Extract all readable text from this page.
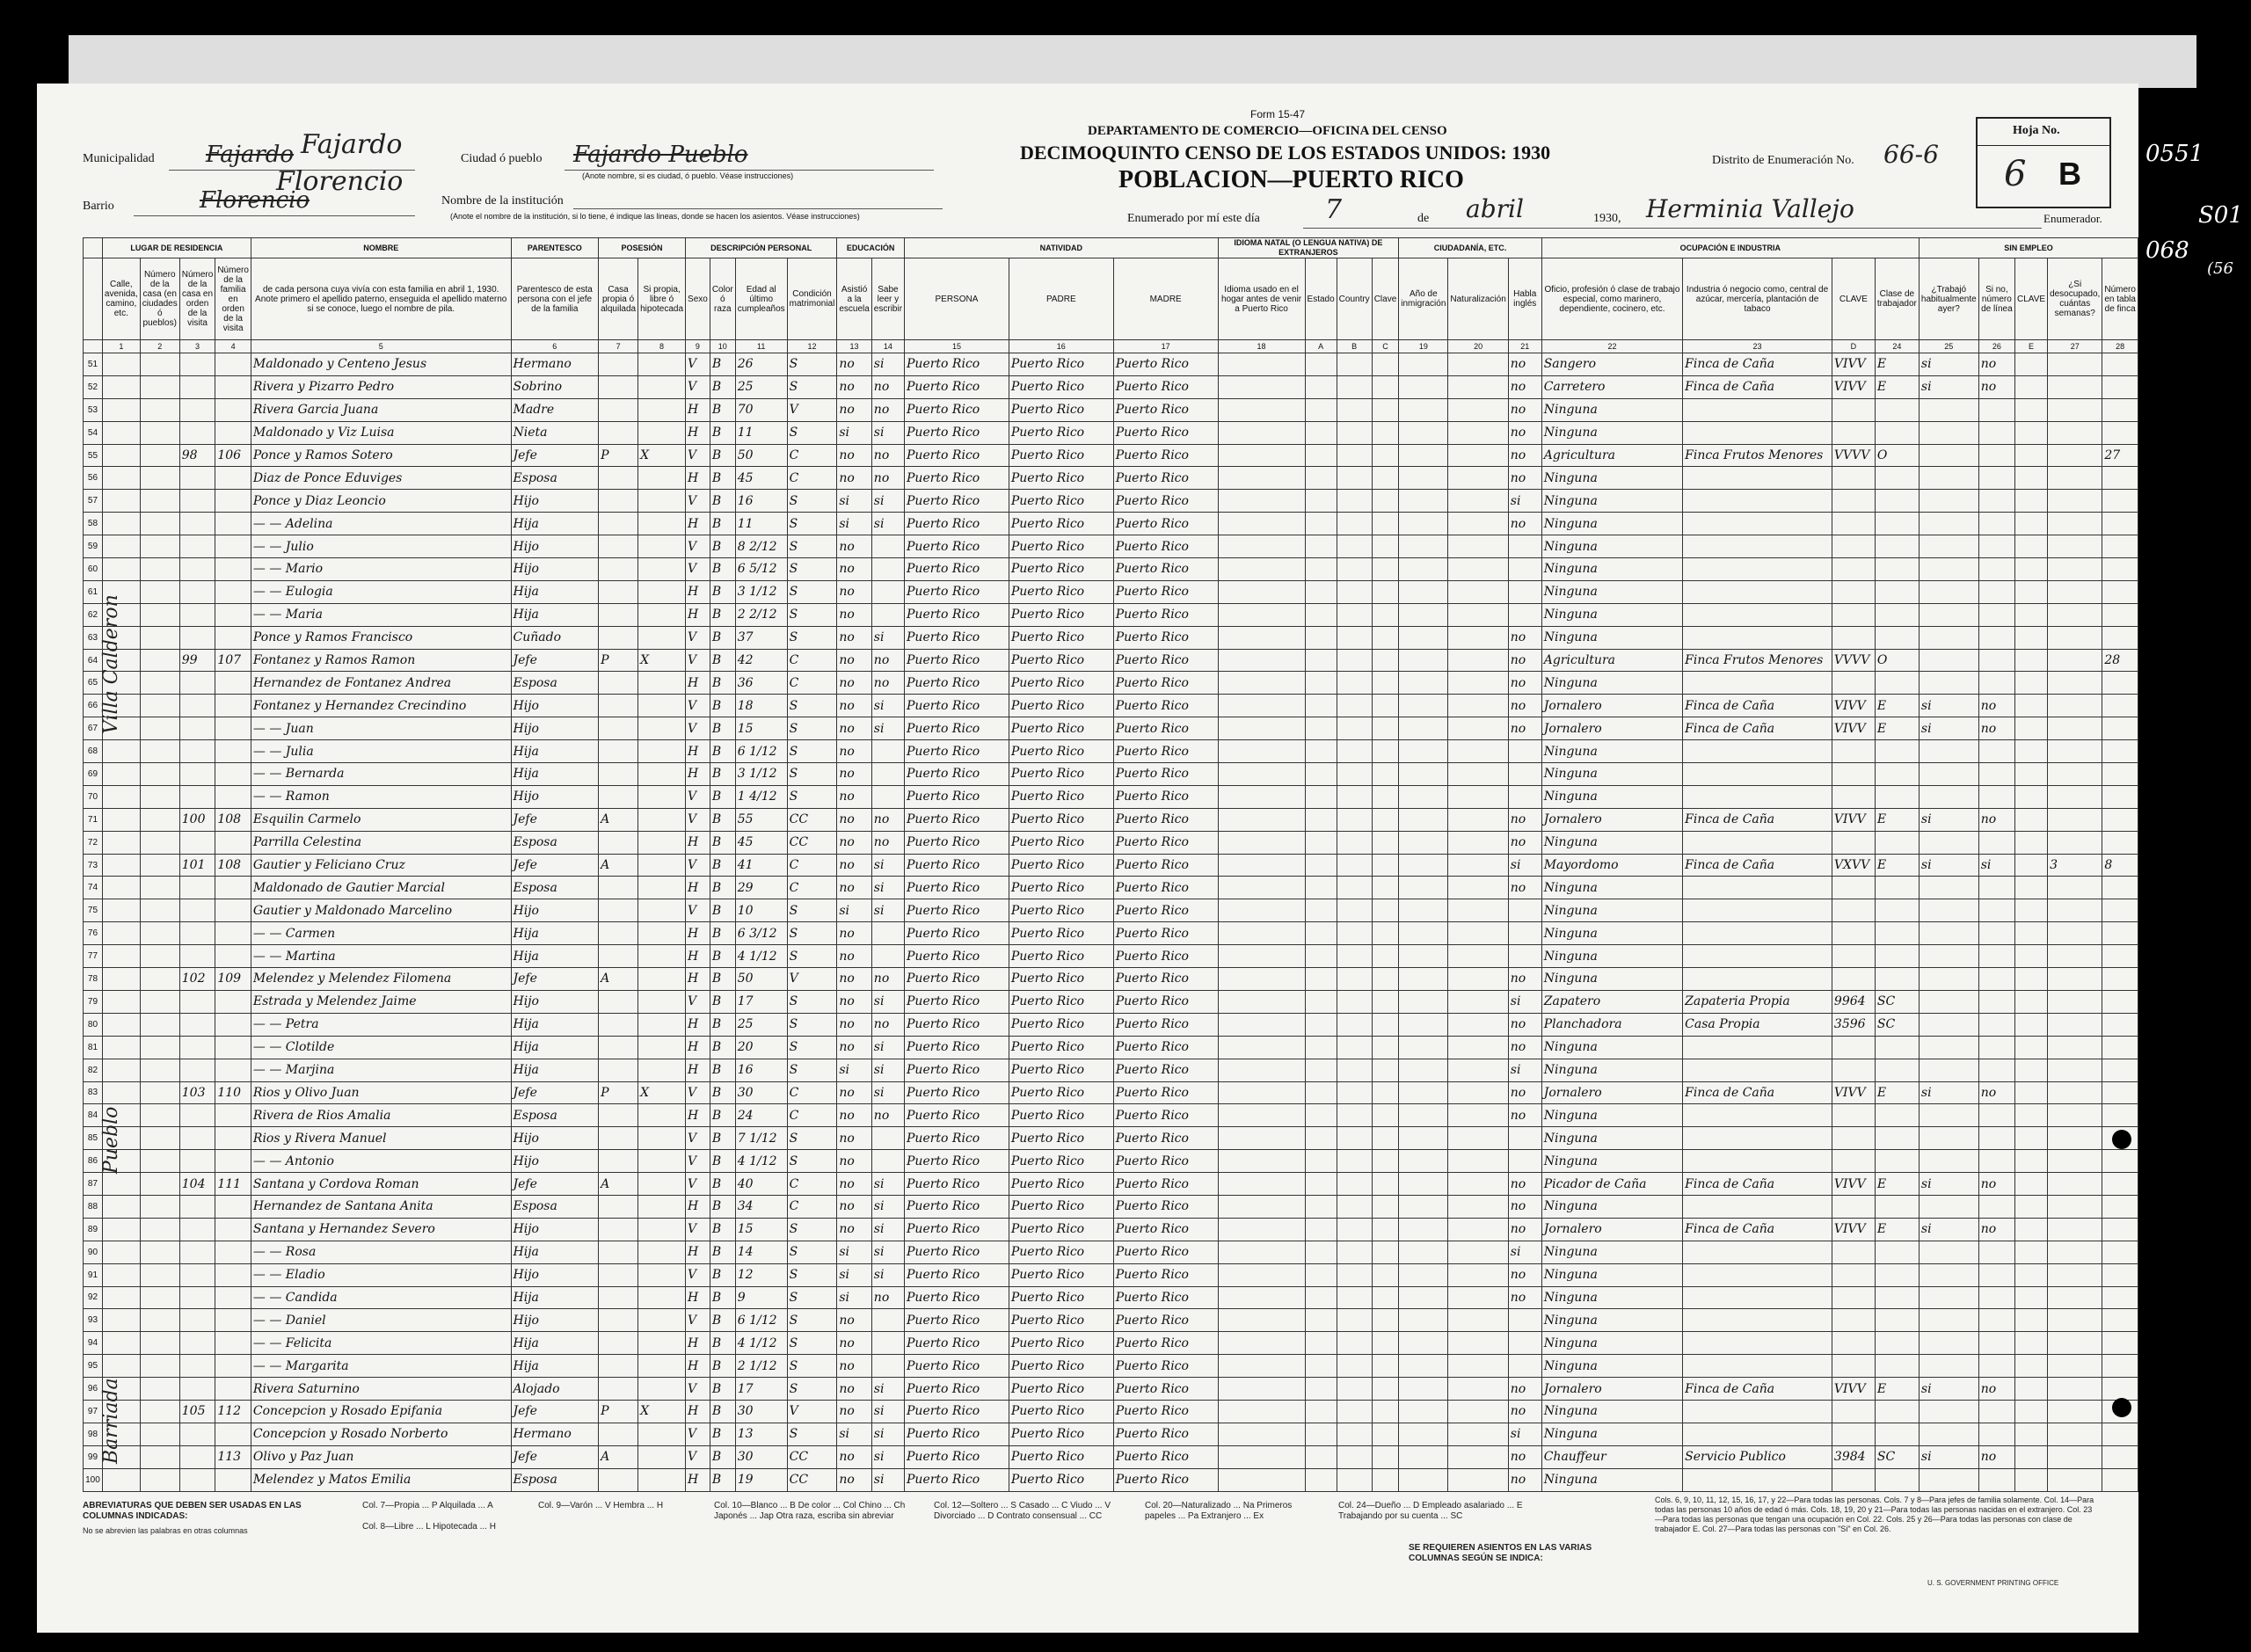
Form 15-47
DEPARTAMENTO DE COMERCIO—OFICINA DEL CENSO
DECIMOQUINTO CENSO DE LOS ESTADOS UNIDOS: 1930
POBLACION—PUERTO RICO
Municipalidad Fajardo Fajardo
Barrio	Florencio
Florencio
Ciudad ó pueblo Fajardo Pueblo
(Anote nombre, si es ciudad, ó pueblo. Véase instrucciones)
Nombre de la institución
(Anote el nombre de la institución, si lo tiene, é indique las lineas, donde se hacen los asientos. Véase instrucciones)
Distrito de Enumeración No. 66-6
Hoja No.
6 B
Enumerado por mí este día 7	de abril	1930, Herminia Vallejo	Enumerador.
	LUGAR DE RESIDENCIA				NOMBRE	PARENTESCO	POSESIÓN		DESCRIPCIÓN PERSONAL				EDUCACIÓN		NATIVIDAD			IDIOMA NATAL (O LENGUA NATIVA) DE EXTRANJEROS				CIUDADANÍA, ETC.			OCUPACIÓN E INDUSTRIA				SIN EMPLEO				
	Calle, avenida, camino, etc.	Número de la casa (en ciudades ó pueblos)	Número de la casa en orden de la visita	Número de la familia en orden de la visita	de cada persona cuya vivía con esta familia en abril 1, 1930. Anote primero el apellido paterno, enseguida el apellido materno si se conoce, luego el nombre de pila.	Parentesco de esta persona con el jefe de la familia	Casa propia ó alquilada	Si propia, libre ó hipotecada	Sexo	Color ó raza	Edad al último cumpleaños	Condición matrimonial	Asistió a la escuela	Sabe leer y escribir	PERSONA	PADRE	MADRE	Idioma usado en el hogar antes de venir a Puerto Rico	Estado	Country	Clave	Año de inmigración	Naturalización	Habla inglés	Oficio, profesión ó clase de trabajo especial, como marinero, dependiente, cocinero, etc.	Industria ó negocio como, central de azúcar, mercería, plantación de tabaco	CLAVE	Clase de trabajador	¿Trabajó habitualmente ayer?	Si no, número de línea	CLAVE	¿Si desocupado, cuántas semanas?	Número en tabla de finca
	1	2	3	4	5	6	7	8	9	10	11	12	13	14	15	16	17	18	A	B	C	19	20	21	22	23	D	24	25	26	E	27	28
51					Maldonado y Centeno Jesus	Hermano			V	B	26	S	no	si	Puerto Rico	Puerto Rico	Puerto Rico							no	Sangero	Finca de Caña	VIVV	E	si	no			
52					Rivera y Pizarro Pedro	Sobrino			V	B	25	S	no	no	Puerto Rico	Puerto Rico	Puerto Rico							no	Carretero	Finca de Caña	VIVV	E	si	no			
53					Rivera Garcia Juana	Madre			H	B	70	V	no	no	Puerto Rico	Puerto Rico	Puerto Rico							no	Ninguna								
54					Maldonado y Viz Luisa	Nieta			H	B	11	S	si	si	Puerto Rico	Puerto Rico	Puerto Rico							no	Ninguna								
55			98	106	Ponce y Ramos Sotero	Jefe	P	X	V	B	50	C	no	no	Puerto Rico	Puerto Rico	Puerto Rico							no	Agricultura	Finca Frutos Menores	VVVV	O					27
56					Diaz de Ponce Eduviges	Esposa			H	B	45	C	no	no	Puerto Rico	Puerto Rico	Puerto Rico							no	Ninguna								
57					Ponce y Diaz Leoncio	Hijo			V	B	16	S	si	si	Puerto Rico	Puerto Rico	Puerto Rico							si	Ninguna								
58					— — Adelina	Hija			H	B	11	S	si	si	Puerto Rico	Puerto Rico	Puerto Rico							no	Ninguna								
59					— — Julio	Hijo			V	B	8 2/12	S	no		Puerto Rico	Puerto Rico	Puerto Rico								Ninguna								
60					— — Mario	Hijo			V	B	6 5/12	S	no		Puerto Rico	Puerto Rico	Puerto Rico								Ninguna								
61					— — Eulogia	Hija			H	B	3 1/12	S	no		Puerto Rico	Puerto Rico	Puerto Rico								Ninguna								
62					— — Maria	Hija			H	B	2 2/12	S	no		Puerto Rico	Puerto Rico	Puerto Rico								Ninguna								
63					Ponce y Ramos Francisco	Cuñado			V	B	37	S	no	si	Puerto Rico	Puerto Rico	Puerto Rico							no	Ninguna								
64			99	107	Fontanez y Ramos Ramon	Jefe	P	X	V	B	42	C	no	no	Puerto Rico	Puerto Rico	Puerto Rico							no	Agricultura	Finca Frutos Menores	VVVV	O					28
65					Hernandez de Fontanez Andrea	Esposa			H	B	36	C	no	no	Puerto Rico	Puerto Rico	Puerto Rico							no	Ninguna								
66					Fontanez y Hernandez Crecindino	Hijo			V	B	18	S	no	si	Puerto Rico	Puerto Rico	Puerto Rico							no	Jornalero	Finca de Caña	VIVV	E	si	no			
67					— — Juan	Hijo			V	B	15	S	no	si	Puerto Rico	Puerto Rico	Puerto Rico							no	Jornalero	Finca de Caña	VIVV	E	si	no			
68					— — Julia	Hija			H	B	6 1/12	S	no		Puerto Rico	Puerto Rico	Puerto Rico								Ninguna								
69					— — Bernarda	Hija			H	B	3 1/12	S	no		Puerto Rico	Puerto Rico	Puerto Rico								Ninguna								
70					— — Ramon	Hijo			V	B	1 4/12	S	no		Puerto Rico	Puerto Rico	Puerto Rico								Ninguna								
71			100	108	Esquilin Carmelo	Jefe	A		V	B	55	CC	no	no	Puerto Rico	Puerto Rico	Puerto Rico							no	Jornalero	Finca de Caña	VIVV	E	si	no			
72					Parrilla Celestina	Esposa			H	B	45	CC	no	no	Puerto Rico	Puerto Rico	Puerto Rico							no	Ninguna								
73			101	108	Gautier y Feliciano Cruz	Jefe	A		V	B	41	C	no	si	Puerto Rico	Puerto Rico	Puerto Rico							si	Mayordomo	Finca de Caña	VXVV	E	si	si		3	8
74					Maldonado de Gautier Marcial	Esposa			H	B	29	C	no	si	Puerto Rico	Puerto Rico	Puerto Rico							no	Ninguna								
75					Gautier y Maldonado Marcelino	Hijo			V	B	10	S	si	si	Puerto Rico	Puerto Rico	Puerto Rico								Ninguna								
76					— — Carmen	Hija			H	B	6 3/12	S	no		Puerto Rico	Puerto Rico	Puerto Rico								Ninguna								
77					— — Martina	Hija			H	B	4 1/12	S	no		Puerto Rico	Puerto Rico	Puerto Rico								Ninguna								
78			102	109	Melendez y Melendez Filomena	Jefe	A		H	B	50	V	no	no	Puerto Rico	Puerto Rico	Puerto Rico							no	Ninguna								
79					Estrada y Melendez Jaime	Hijo			V	B	17	S	no	si	Puerto Rico	Puerto Rico	Puerto Rico							si	Zapatero	Zapateria Propia	9964	SC					
80					— — Petra	Hija			H	B	25	S	no	no	Puerto Rico	Puerto Rico	Puerto Rico							no	Planchadora	Casa Propia	3596	SC					
81					— — Clotilde	Hija			H	B	20	S	no	si	Puerto Rico	Puerto Rico	Puerto Rico							no	Ninguna								
82					— — Marjina	Hija			H	B	16	S	si	si	Puerto Rico	Puerto Rico	Puerto Rico							si	Ninguna								
83			103	110	Rios y Olivo Juan	Jefe	P	X	V	B	30	C	no	si	Puerto Rico	Puerto Rico	Puerto Rico							no	Jornalero	Finca de Caña	VIVV	E	si	no			
84					Rivera de Rios Amalia	Esposa			H	B	24	C	no	no	Puerto Rico	Puerto Rico	Puerto Rico							no	Ninguna								
85					Rios y Rivera Manuel	Hijo			V	B	7 1/12	S	no		Puerto Rico	Puerto Rico	Puerto Rico								Ninguna								
86					— — Antonio	Hijo			V	B	4 1/12	S	no		Puerto Rico	Puerto Rico	Puerto Rico								Ninguna								
87			104	111	Santana y Cordova Roman	Jefe	A		V	B	40	C	no	si	Puerto Rico	Puerto Rico	Puerto Rico							no	Picador de Caña	Finca de Caña	VIVV	E	si	no			
88					Hernandez de Santana Anita	Esposa			H	B	34	C	no	si	Puerto Rico	Puerto Rico	Puerto Rico							no	Ninguna								
89					Santana y Hernandez Severo	Hijo			V	B	15	S	no	si	Puerto Rico	Puerto Rico	Puerto Rico							no	Jornalero	Finca de Caña	VIVV	E	si	no			
90					— — Rosa	Hija			H	B	14	S	si	si	Puerto Rico	Puerto Rico	Puerto Rico							si	Ninguna								
91					— — Eladio	Hijo			V	B	12	S	si	si	Puerto Rico	Puerto Rico	Puerto Rico							no	Ninguna								
92					— — Candida	Hija			H	B	9	S	si	no	Puerto Rico	Puerto Rico	Puerto Rico							no	Ninguna								
93					— — Daniel	Hijo			V	B	6 1/12	S	no		Puerto Rico	Puerto Rico	Puerto Rico								Ninguna								
94					— — Felicita	Hija			H	B	4 1/12	S	no		Puerto Rico	Puerto Rico	Puerto Rico								Ninguna								
95					— — Margarita	Hija			H	B	2 1/12	S	no		Puerto Rico	Puerto Rico	Puerto Rico								Ninguna								
96					Rivera Saturnino	Alojado			V	B	17	S	no	si	Puerto Rico	Puerto Rico	Puerto Rico							no	Jornalero	Finca de Caña	VIVV	E	si	no			
97			105	112	Concepcion y Rosado Epifania	Jefe	P	X	H	B	30	V	no	si	Puerto Rico	Puerto Rico	Puerto Rico							no	Ninguna								
98					Concepcion y Rosado Norberto	Hermano			V	B	13	S	si	si	Puerto Rico	Puerto Rico	Puerto Rico							si	Ninguna								
99				113	Olivo y Paz Juan	Jefe	A		V	B	30	CC	no	si	Puerto Rico	Puerto Rico	Puerto Rico							no	Chauffeur	Servicio Publico	3984	SC	si	no			
100					Melendez y Matos Emilia	Esposa			H	B	19	CC	no	si	Puerto Rico	Puerto Rico	Puerto Rico							no	Ninguna								
Villa Calderon
Barriada
Pueblo
ABREVIATURAS QUE DEBEN SER USADAS EN LAS COLUMNAS INDICADAS:
No se abrevien las palabras en otras columnas
Col. 7—Propia ... P Alquilada ... A
Col. 8—Libre ... L Hipotecada ... H
Col. 9—Varón ... V Hembra ... H	Col. 10—Blanco ... B De color ... Col Chino ... Ch Japonés ... Jap Otra raza, escriba sin abreviar
Col. 12—Soltero ... S Casado ... C Viudo ... V Divorciado ... D Contrato consensual ... CC
Col. 20—Naturalizado ... Na Primeros papeles ... Pa Extranjero ... Ex
Col. 24—Dueño ... D Empleado asalariado ... E Trabajando por su cuenta ... SC
SE REQUIEREN ASIENTOS EN LAS VARIAS COLUMNAS SEGÚN SE INDICA:
Cols. 6, 9, 10, 11, 12, 15, 16, 17, y 22—Para todas las personas. Cols. 7 y 8—Para jefes de familia solamente. Col. 14—Para todas las personas 10 años de edad ó más. Cols. 18, 19, 20 y 21—Para todas las personas nacidas en el extranjero. Col. 23—Para todas las personas que tengan una ocupación en Col. 22. Cols. 25 y 26—Para todas las personas con clase de trabajador E. Col. 27—Para todas las personas con "Si" en Col. 26.
U. S. GOVERNMENT PRINTING OFFICE
0551
S01
068
(56
